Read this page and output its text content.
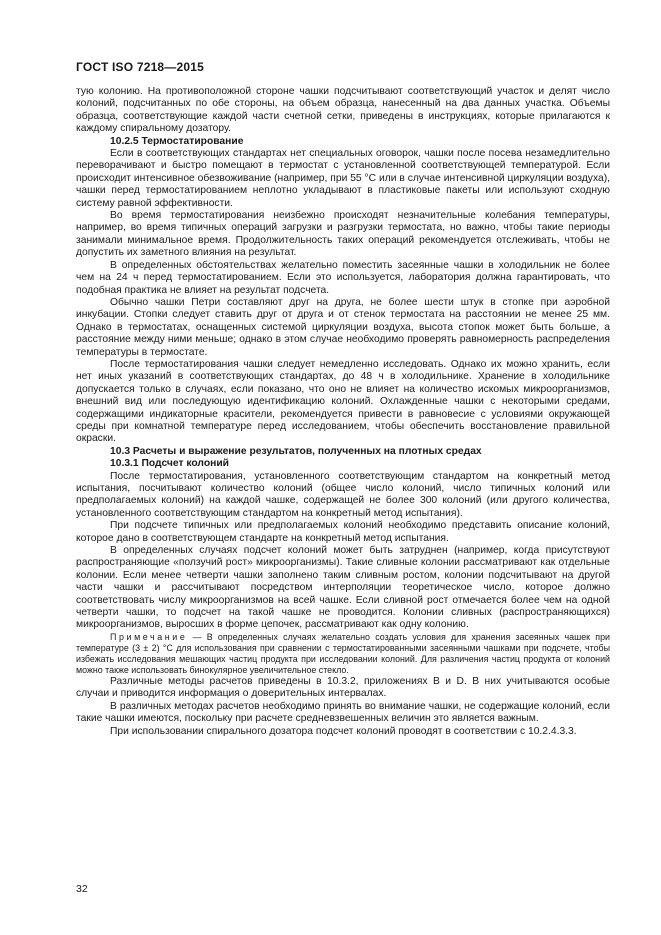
ГОСТ ISO 7218—2015

тую колонию. На противоположной стороне чашки подсчитывают соответствующий участок и делят число колоний, подсчитанных по обе стороны, на объем образца, нанесенный на два данных участка. Объемы образца, соответствующие каждой части счетной сетки, приведены в инструкциях, которые прилагаются к каждому спиральному дозатору.

10.2.5 Термостатирование

Если в соответствующих стандартах нет специальных оговорок, чашки после посева незамедлительно переворачивают и быстро помещают в термостат с установленной соответствующей температурой. Если происходит интенсивное обезвоживание (например, при 55 °С или в случае интенсивной циркуляции воздуха), чашки перед термостатированием неплотно укладывают в пластиковые пакеты или используют сходную систему равной эффективности.

Во время термостатирования неизбежно происходят незначительные колебания температуры, например, во время типичных операций загрузки и разгрузки термостата, но важно, чтобы такие периоды занимали минимальное время. Продолжительность таких операций рекомендуется отслеживать, чтобы не допустить их заметного влияния на результат.

В определенных обстоятельствах желательно поместить засеянные чашки в холодильник не более чем на 24 ч перед термостатированием. Если это используется, лаборатория должна гарантировать, что подобная практика не влияет на результат подсчета.

Обычно чашки Петри составляют друг на друга, не более шести штук в стопке при аэробной инкубации. Стопки следует ставить друг от друга и от стенок термостата на расстоянии не менее 25 мм. Однако в термостатах, оснащенных системой циркуляции воздуха, высота стопок может быть больше, а расстояние между ними меньше; однако в этом случае необходимо проверять равномерность распределения температуры в термостате.

После термостатирования чашки следует немедленно исследовать. Однако их можно хранить, если нет иных указаний в соответствующих стандартах, до 48 ч в холодильнике. Хранение в холодильнике допускается только в случаях, если показано, что оно не влияет на количество искомых микроорганизмов, внешний вид или последующую идентификацию колоний. Охлажденные чашки с некоторыми средами, содержащими индикаторные красители, рекомендуется привести в равновесие с условиями окружающей среды при комнатной температуре перед исследованием, чтобы обеспечить восстановление правильной окраски.

10.3 Расчеты и выражение результатов, полученных на плотных средах

10.3.1 Подсчет колоний

После термостатирования, установленного соответствующим стандартом на конкретный метод испытания, посчитывают количество колоний (общее число колоний, число типичных колоний или предполагаемых колоний) на каждой чашке, содержащей не более 300 колоний (или другого количества, установленного соответствующим стандартом на конкретный метод испытания).

При подсчете типичных или предполагаемых колоний необходимо представить описание колоний, которое дано в соответствующем стандарте на конкретный метод испытания.

В определенных случаях подсчет колоний может быть затруднен (например, когда присутствуют распространяющие «ползучий рост» микроорганизмы). Такие сливные колонии рассматривают как отдельные колонии. Если менее четверти чашки заполнено таким сливным ростом, колонии подсчитывают на другой части чашки и рассчитывают посредством интерполяции теоретическое число, которое должно соответствовать числу микроорганизмов на всей чашке. Если сливной рост отмечается более чем на одной четверти чашки, то подсчет на такой чашке не проводится. Колонии сливных (распространяющихся) микроорганизмов, выросших в форме цепочек, рассматривают как одну колонию.

Примечание — В определенных случаях желательно создать условия для хранения засеянных чашек при температуре (3 ± 2) °С для использования при сравнении с термостатированными засеянными чашками при подсчете, чтобы избежать исследования мешающих частиц продукта при исследовании колоний. Для различения частиц продукта от колоний можно также использовать бинокулярное увеличительное стекло.

Различные методы расчетов приведены в 10.3.2, приложениях В и D. В них учитываются особые случаи и приводится информация о доверительных интервалах.

В различных методах расчетов необходимо принять во внимание чашки, не содержащие колоний, если такие чашки имеются, поскольку при расчете средневзвешенных величин это является важным.

При использовании спирального дозатора подсчет колоний проводят в соответствии с 10.2.4.3.3.

32
